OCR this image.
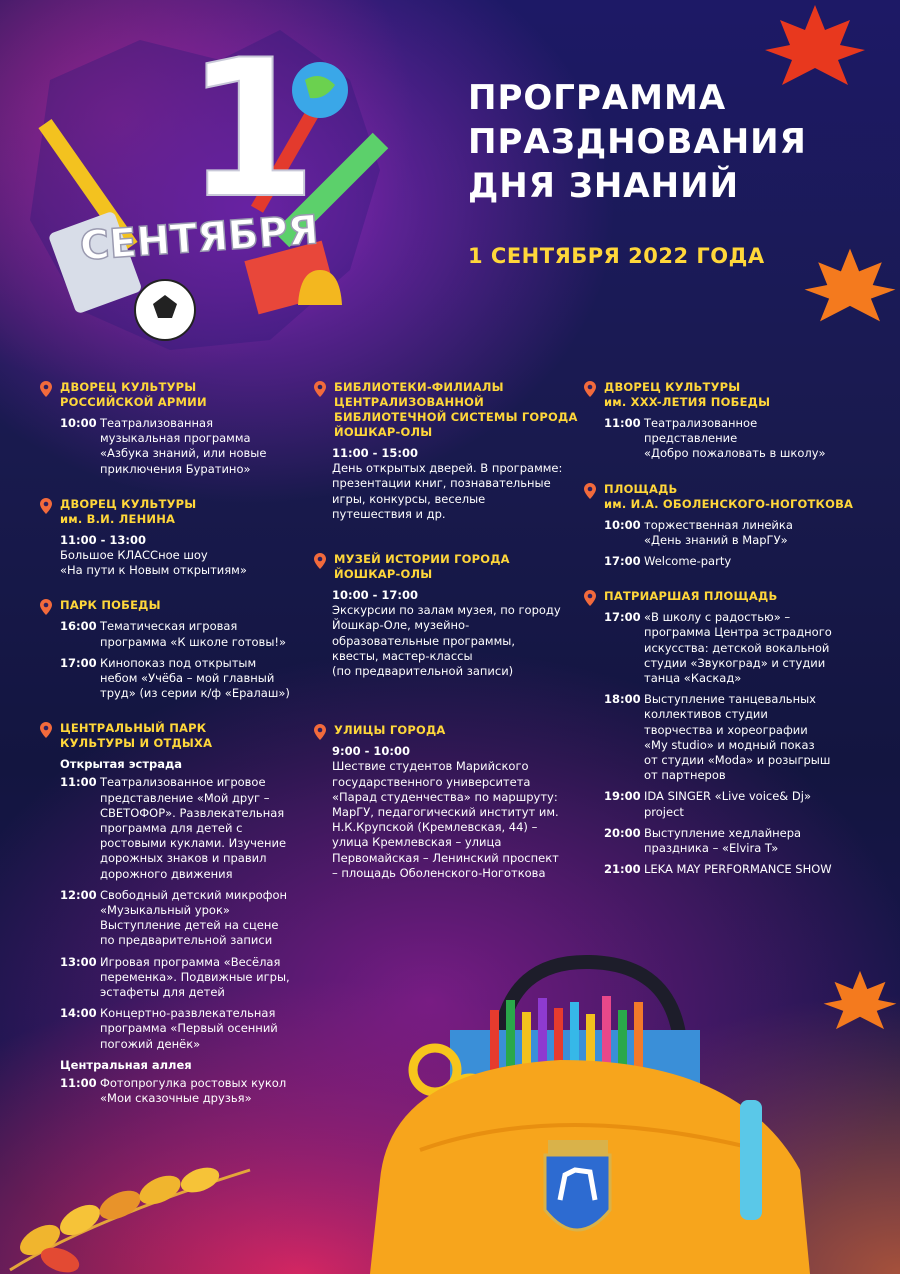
1
СЕНТЯБРЯ
ПРОГРАММА
ПРАЗДНОВАНИЯ
ДНЯ ЗНАНИЙ
1 СЕНТЯБРЯ 2022 ГОДА
ДВОРЕЦ КУЛЬТУРЫ
РОССИЙСКОЙ АРМИИ
10:00 Театрализованная
музыкальная программа
«Азбука знаний, или новые
приключения Буратино»
ДВОРЕЦ КУЛЬТУРЫ
им. В.И. ЛЕНИНА
11:00 - 13:00
Большое КЛАССное шоу
«На пути к Новым открытиям»
ПАРК ПОБЕДЫ
16:00 Тематическая игровая
программа «К школе готовы!»
17:00 Кинопоказ под открытым
небом «Учёба – мой главный
труд» (из серии к/ф «Ералаш»)
ЦЕНТРАЛЬНЫЙ ПАРК
КУЛЬТУРЫ И ОТДЫХА
Открытая эстрада
11:00 Театрализованное игровое
представление «Мой друг –
СВЕТОФОР». Развлекательная
программа для детей с
ростовыми куклами. Изучение
дорожных знаков и правил
дорожного движения
12:00 Свободный детский микрофон
«Музыкальный урок»
Выступление детей на сцене
по предварительной записи
13:00 Игровая программа «Весёлая
переменка». Подвижные игры,
эстафеты для детей
14:00 Концертно-развлекательная
программа «Первый осенний
погожий денёк»
Центральная аллея
11:00 Фотопрогулка ростовых кукол
«Мои сказочные друзья»
БИБЛИОТЕКИ-ФИЛИАЛЫ
ЦЕНТРАЛИЗОВАННОЙ
БИБЛИОТЕЧНОЙ СИСТЕМЫ ГОРОДА
ЙОШКАР-ОЛЫ
11:00 - 15:00
День открытых дверей. В программе:
презентации книг, познавательные
игры, конкурсы, веселые
путешествия и др.
МУЗЕЙ ИСТОРИИ ГОРОДА
ЙОШКАР-ОЛЫ
10:00 - 17:00
Экскурсии по залам музея, по городу
Йошкар-Оле, музейно-
образовательные программы,
квесты, мастер-классы
(по предварительной записи)
УЛИЦЫ ГОРОДА
9:00 - 10:00
Шествие студентов Марийского
государственного университета
«Парад студенчества» по маршруту:
МарГУ, педагогический институт им.
Н.К.Крупской (Кремлевская, 44) –
улица Кремлевская – улица
Первомайская – Ленинский проспект
– площадь Оболенского-Ноготкова
ДВОРЕЦ КУЛЬТУРЫ
им. XXX-ЛЕТИЯ ПОБЕДЫ
11:00 Театрализованное
представление
«Добро пожаловать в школу»
ПЛОЩАДЬ
им. И.А. ОБОЛЕНСКОГО-НОГОТКОВА
10:00 торжественная линейка
«День знаний в МарГУ»
17:00 Welcome-party
ПАТРИАРШАЯ ПЛОЩАДЬ
17:00 «В школу с радостью» –
программа Центра эстрадного
искусства: детской вокальной
студии «Звукоград» и студии
танца «Каскад»
18:00 Выступление танцевальных
коллективов студии
творчества и хореографии
«My studio» и модный показ
от студии «Moda» и розыгрыш
от партнеров
19:00 IDA SINGER «Live voice& Dj»
project
20:00 Выступление хедлайнера
праздника – «Elvira T»
21:00 LEKA MAY PERFORMANCE SHOW
